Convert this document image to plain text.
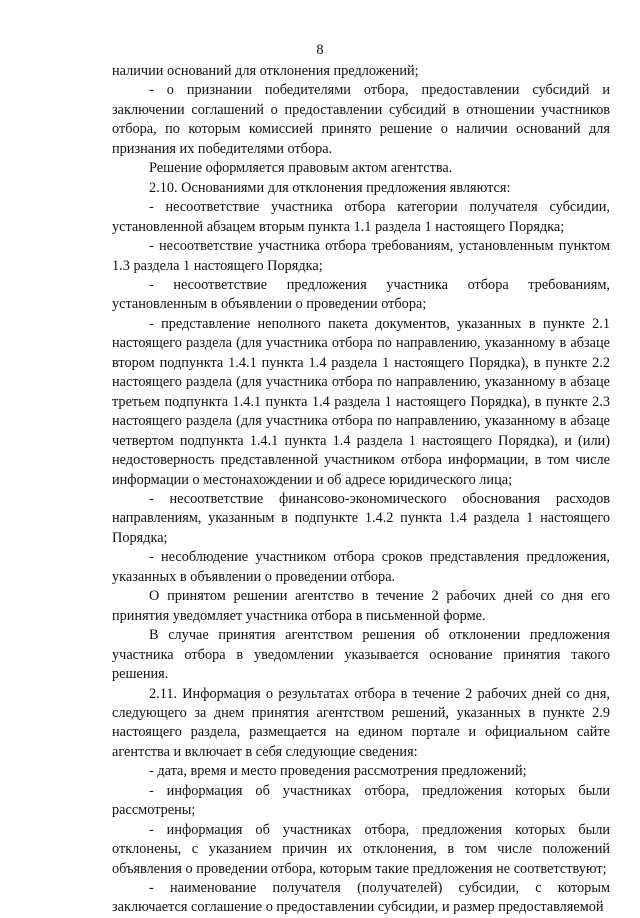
8

наличии оснований для отклонения предложений;

- о признании победителями отбора, предоставлении субсидий и заключении соглашений о предоставлении субсидий в отношении участников отбора, по которым комиссией принято решение о наличии оснований для признания их победителями отбора.

Решение оформляется правовым актом агентства.

2.10. Основаниями для отклонения предложения являются:

- несоответствие участника отбора категории получателя субсидии, установленной абзацем вторым пункта 1.1 раздела 1 настоящего Порядка;

- несоответствие участника отбора требованиям, установленным пунктом 1.3 раздела 1 настоящего Порядка;

- несоответствие предложения участника отбора требованиям, установленным в объявлении о проведении отбора;

- представление неполного пакета документов, указанных в пункте 2.1 настоящего раздела (для участника отбора по направлению, указанному в абзаце втором подпункта 1.4.1 пункта 1.4 раздела 1 настоящего Порядка), в пункте 2.2 настоящего раздела (для участника отбора по направлению, указанному в абзаце третьем подпункта 1.4.1 пункта 1.4 раздела 1 настоящего Порядка), в пункте 2.3 настоящего раздела (для участника отбора по направлению, указанному в абзаце четвертом подпункта 1.4.1 пункта 1.4 раздела 1 настоящего Порядка), и (или) недостоверность представленной участником отбора информации, в том числе информации о местонахождении и об адресе юридического лица;

- несоответствие финансово-экономического обоснования расходов направлениям, указанным в подпункте 1.4.2 пункта 1.4 раздела 1 настоящего Порядка;

- несоблюдение участником отбора сроков представления предложения, указанных в объявлении о проведении отбора.

О принятом решении агентство в течение 2 рабочих дней со дня его принятия уведомляет участника отбора в письменной форме.

В случае принятия агентством решения об отклонении предложения участника отбора в уведомлении указывается основание принятия такого решения.

2.11. Информация о результатах отбора в течение 2 рабочих дней со дня, следующего за днем принятия агентством решений, указанных в пункте 2.9 настоящего раздела, размещается на едином портале и официальном сайте агентства и включает в себя следующие сведения:

- дата, время и место проведения рассмотрения предложений;

- информация об участниках отбора, предложения которых были рассмотрены;

- информация об участниках отбора, предложения которых были отклонены, с указанием причин их отклонения, в том числе положений объявления о проведении отбора, которым такие предложения не соответствуют;

- наименование получателя (получателей) субсидии, с которым заключается соглашение о предоставлении субсидии, и размер предоставляемой
